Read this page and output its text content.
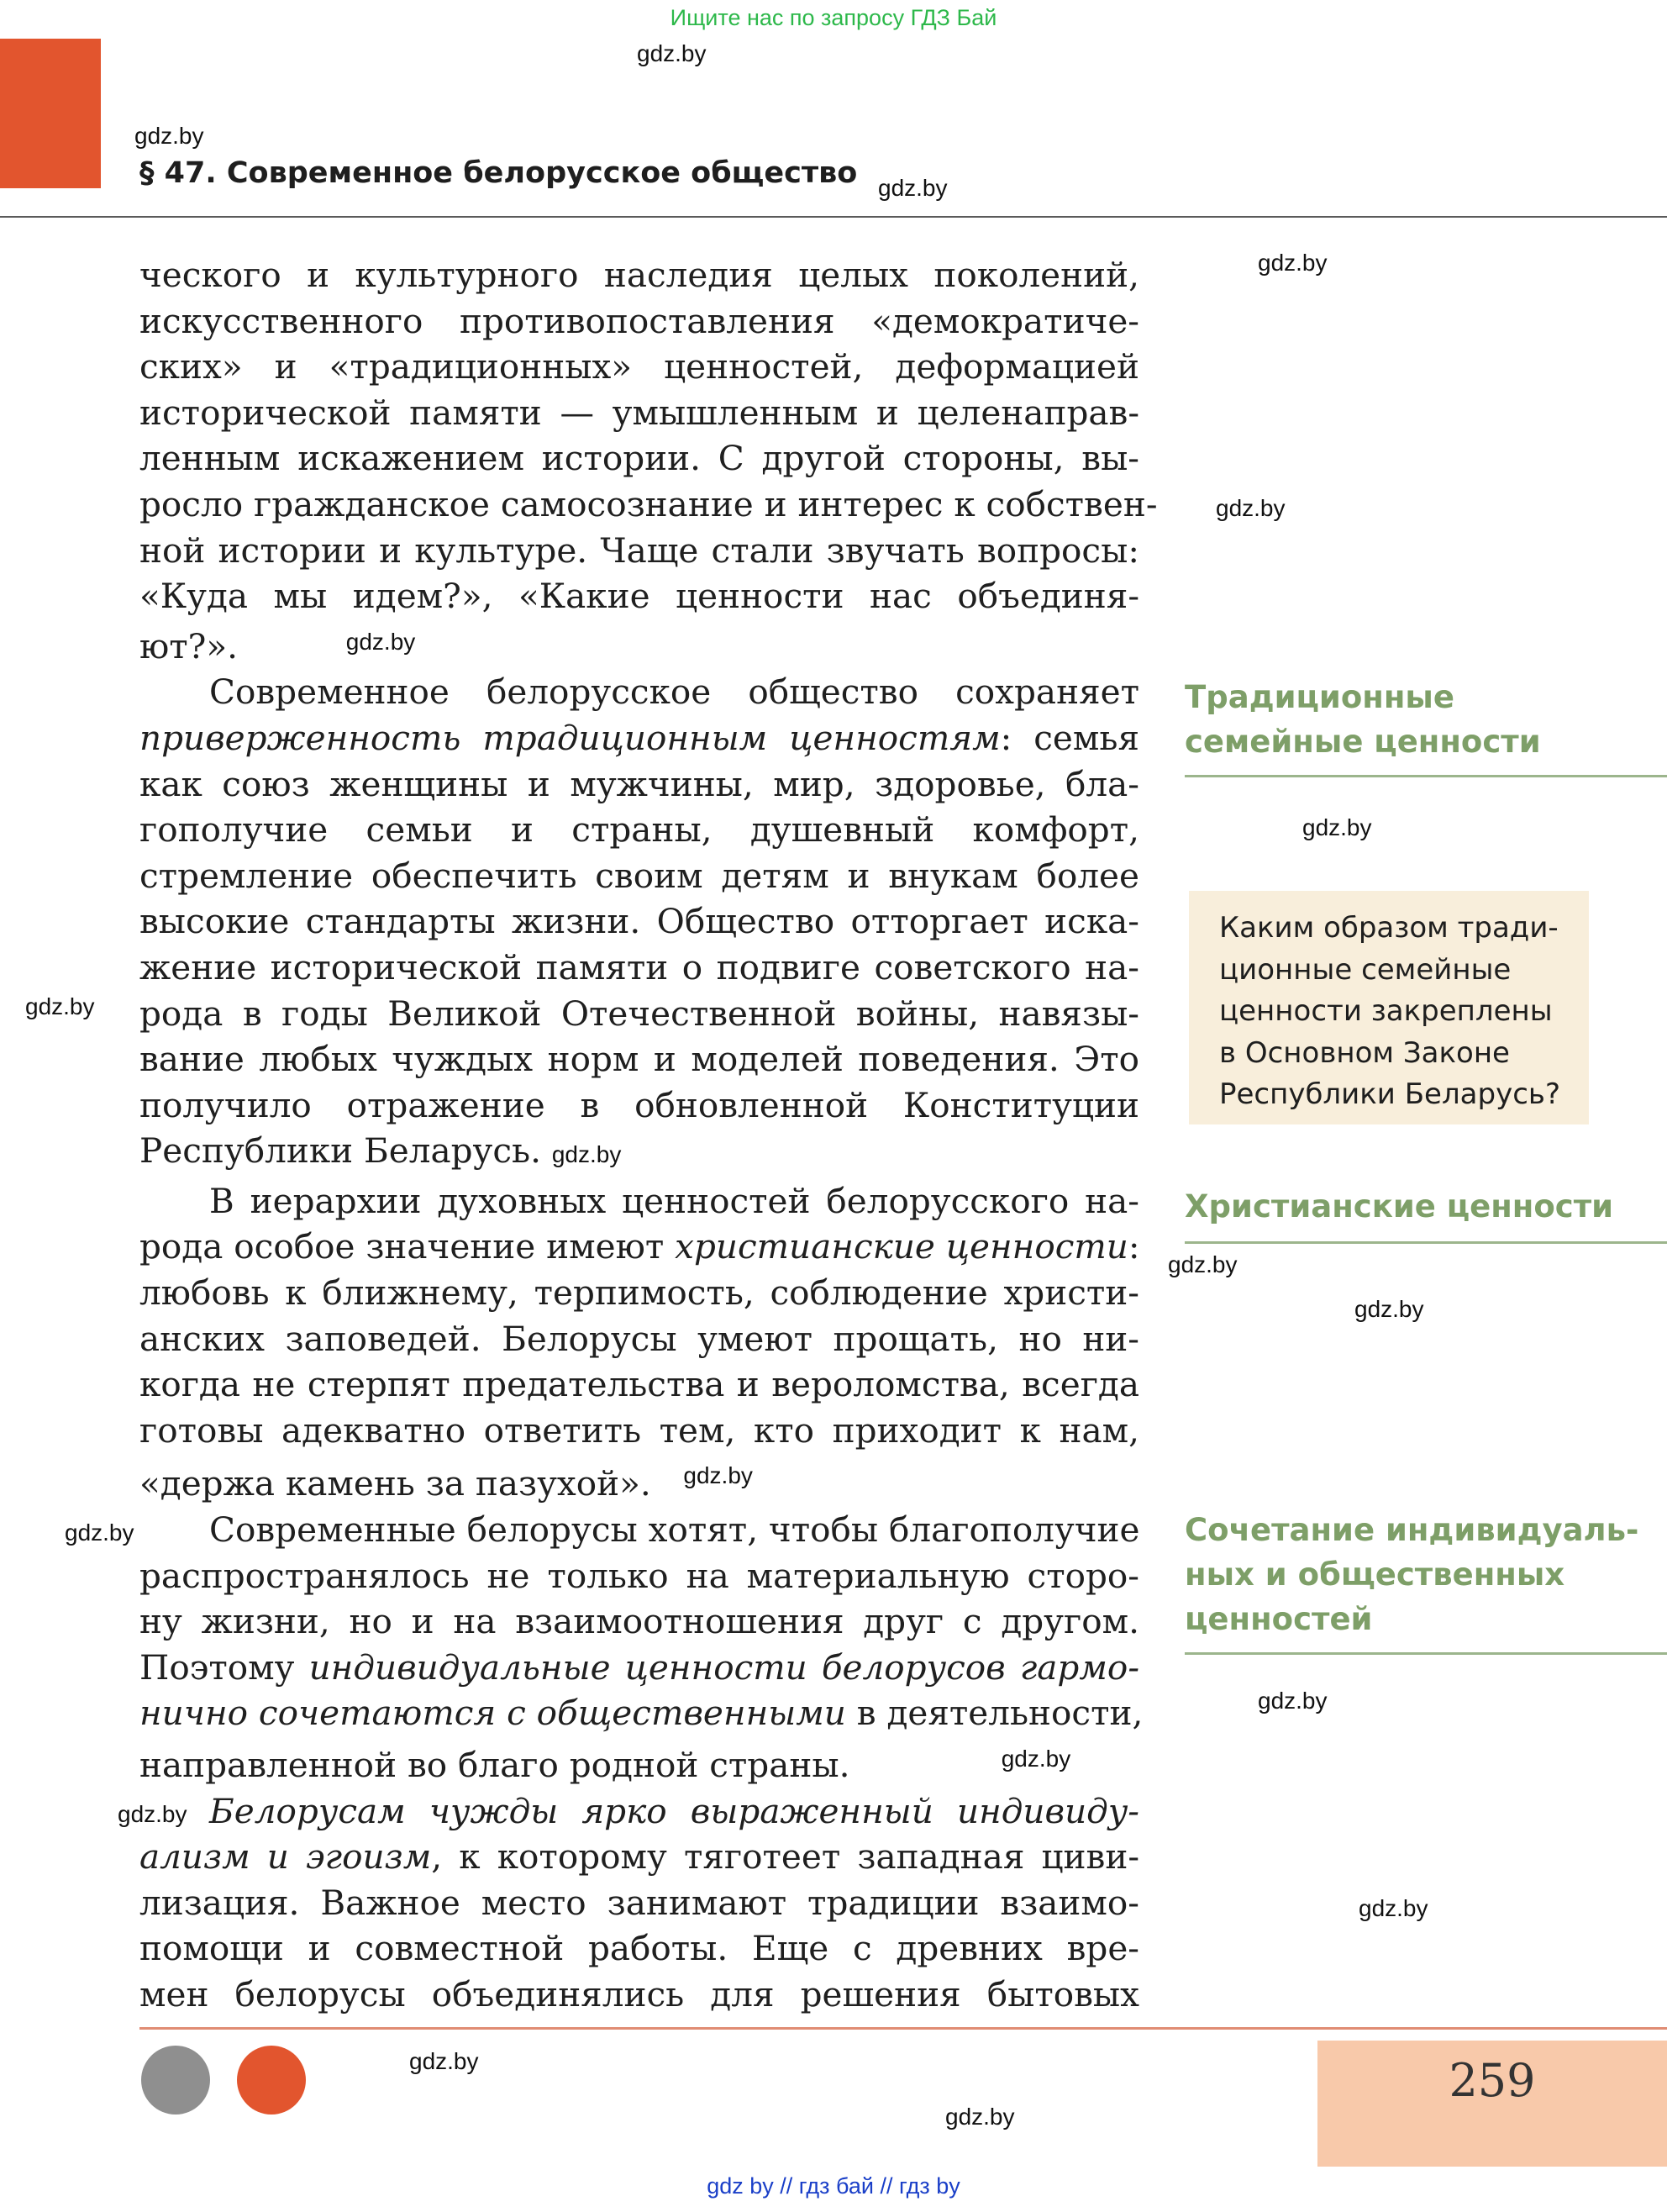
Ищите нас по запросу ГДЗ Бай
gdz.by
gdz.by
gdz.by
gdz.by
gdz.by
gdz.by
gdz.by
gdz.by
gdz.by
gdz.by
gdz.by
gdz.by
gdz.by
gdz.by
gdz.by
§ 47. Современное белорусское общество

ческого и культурного наследия целых поколений,
искусственного противопоставления «демократиче-
ских» и «традиционных» ценностей, деформацией
исторической памяти — умышленным и целенаправ-
ленным искажением истории. С другой стороны, вы-
росло гражданское самосознание и интерес к собствен-
ной истории и культуре. Чаще стали звучать вопросы:
«Куда мы идем?», «Какие ценности нас объединя-
ют?».	$^{gdz.by}$

Современное белорусское общество сохраняет
приверженность традиционным ценностям: семья
как союз женщины и мужчины, мир, здоровье, бла-
гополучие семьи и страны, душевный комфорт,
стремление обеспечить своим детям и внукам более
высокие стандарты жизни. Общество отторгает иска-
жение исторической памяти о подвиге советского на-
рода в годы Великой Отечественной войны, навязы-
вание любых чуждых норм и моделей поведения. Это
получило отражение в обновленной Конституции
Республики Беларусь. gdz.by

В иерархии духовных ценностей белорусского на-
рода особое значение имеют христианские ценности:
любовь к ближнему, терпимость, соблюдение христи-
анских заповедей. Белорусы умеют прощать, но ни-
когда не стерпят предательства и вероломства, всегда
готовы адекватно ответить тем, кто приходит к нам,
«держа камень за пазухой». $^{gdz.by}$

Современные белорусы хотят, чтобы благополучие
распространялось не только на материальную сторо-
ну жизни, но и на взаимоотношения друг с другом.
Поэтому индивидуальные ценности белорусов гармо-
нично сочетаются с общественными в деятельности,
направленной во благо родной страны.	$^{gdz.by}$

Белорусам чужды ярко выраженный индивиду-
ализм и эгоизм, к которому тяготеет западная циви-
лизация. Важное место занимают традиции взаимо-
помощи и совместной работы. Еще с древних вре-
мен белорусы объединялись для решения бытовых

Традиционные
семейные ценности
Каким образом тради-
ционные семейные
ценности закреплены
в Основном Законе
Республики Беларусь?
Христианские ценности
Сочетание индивидуаль-
ных и общественных
ценностей
259
gdz by // гдз бай // гдз by
